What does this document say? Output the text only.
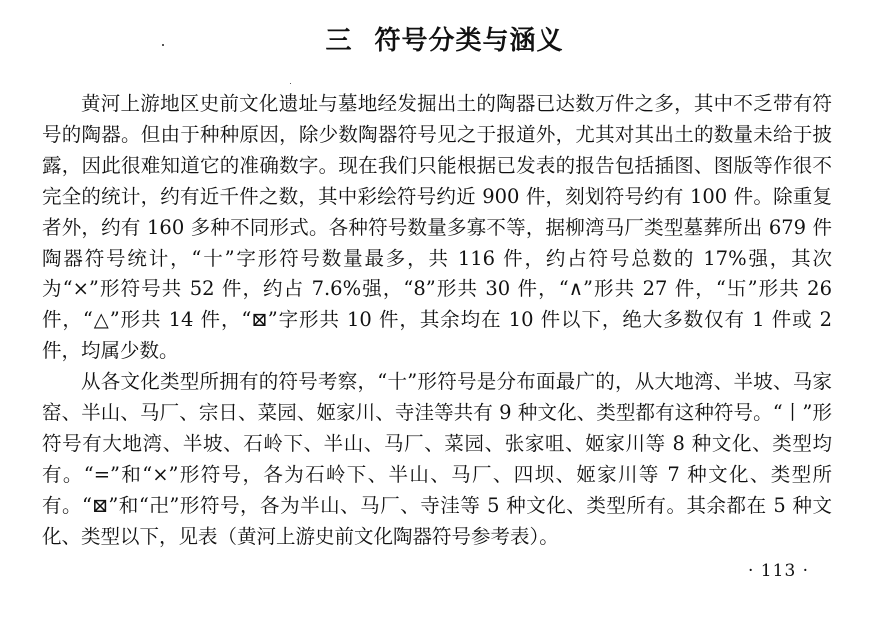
三 符号分类与涵义

黄河上游地区史前文化遗址与墓地经发掘出土的陶器已达数万件之多，其中不乏带有符号的陶器。但由于种种原因，除少数陶器符号见之于报道外，尤其对其出土的数量未给于披露，因此很难知道它的准确数字。现在我们只能根据已发表的报告包括插图、图版等作很不完全的统计，约有近千件之数，其中彩绘符号约近 900 件，刻划符号约有 100 件。除重复者外，约有 160 多种不同形式。各种符号数量多寡不等，据柳湾马厂类型墓葬所出 679 件陶器符号统计，“十”字形符号数量最多，共 116 件，约占符号总数的 17%强，其次为“×”形符号共 52 件，约占 7.6%强，“8”形共 30 件，“∧”形共 27 件，“卐”形共 26 件，“△”形共 14 件，“⊠”字形共 10 件，其余均在 10 件以下，绝大多数仅有 1 件或 2 件，均属少数。

从各文化类型所拥有的符号考察，“十”形符号是分布面最广的，从大地湾、半坡、马家窑、半山、马厂、宗日、菜园、姬家川、寺洼等共有 9 种文化、类型都有这种符号。“丨”形符号有大地湾、半坡、石岭下、半山、马厂、菜园、张家咀、姬家川等 8 种文化、类型均有。“=”和“×”形符号，各为石岭下、半山、马厂、四坝、姬家川等 7 种文化、类型所有。“⊠”和“卍”形符号，各为半山、马厂、寺洼等 5 种文化、类型所有。其余都在 5 种文化、类型以下，见表（黄河上游史前文化陶器符号参考表）。

· 113 ·
